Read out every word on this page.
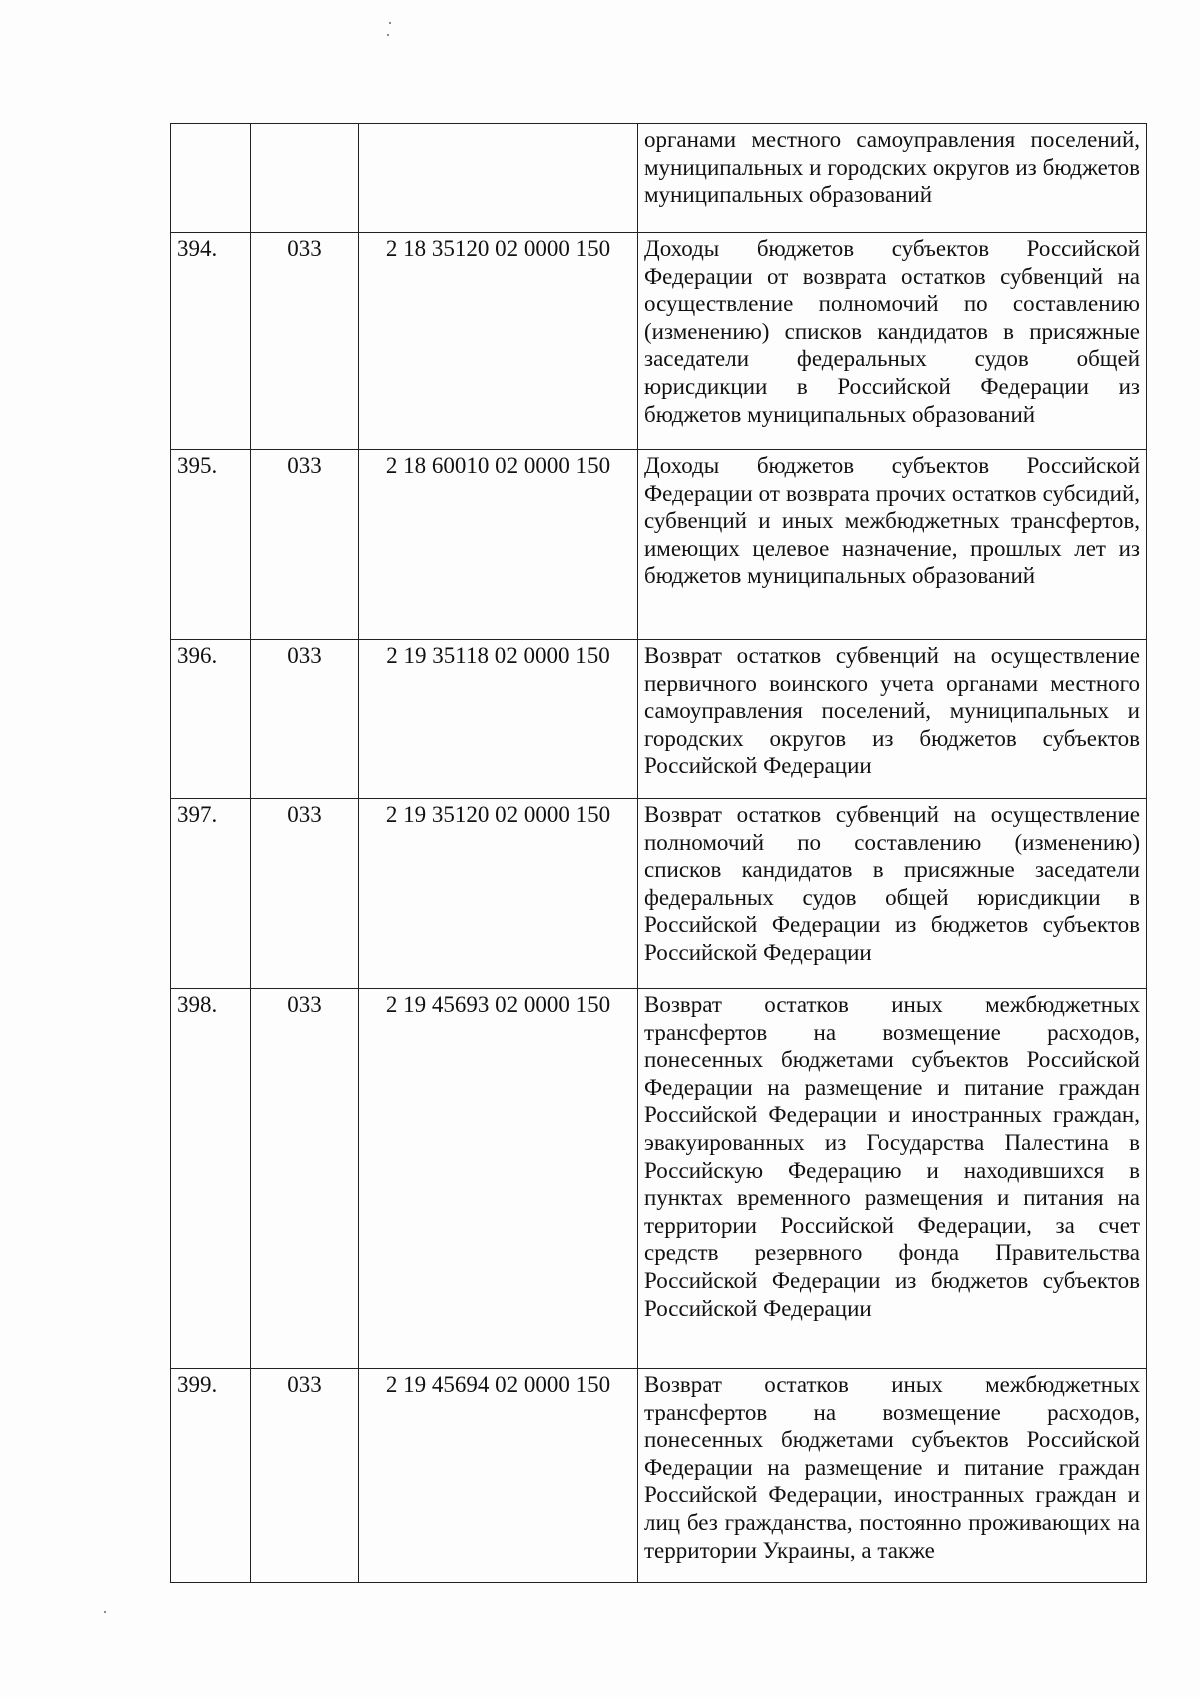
			органами местного самоуправления поселений, муниципальных и городских округов из бюджетов муниципальных образований
394.	033	2 18 35120 02 0000 150	Доходы бюджетов субъектов Российской Федерации от возврата остатков субвенций на осуществление полномочий по составлению (изменению) списков кандидатов в присяжные заседатели федеральных судов общей юрисдикции в Российской Федерации из бюджетов муниципальных образований
395.	033	2 18 60010 02 0000 150	Доходы бюджетов субъектов Российской Федерации от возврата прочих остатков субсидий, субвенций и иных межбюджетных трансфертов, имеющих целевое назначение, прошлых лет из бюджетов муниципальных образований
396.	033	2 19 35118 02 0000 150	Возврат остатков субвенций на осуществление первичного воинского учета органами местного самоуправления поселений, муниципальных и городских округов из бюджетов субъектов Российской Федерации
397.	033	2 19 35120 02 0000 150	Возврат остатков субвенций на осуществление полномочий по составлению (изменению) списков кандидатов в присяжные заседатели федеральных судов общей юрисдикции в Российской Федерации из бюджетов субъектов Российской Федерации
398.	033	2 19 45693 02 0000 150	Возврат остатков иных межбюджетных трансфертов на возмещение расходов, понесенных бюджетами субъектов Российской Федерации на размещение и питание граждан Российской Федерации и иностранных граждан, эвакуированных из Государства Палестина в Российскую Федерацию и находившихся в пунктах временного размещения и питания на территории Российской Федерации, за счет средств резервного фонда Правительства Российской Федерации из бюджетов субъектов Российской Федерации
399.	033	2 19 45694 02 0000 150	Возврат остатков иных межбюджетных трансфертов на возмещение расходов, понесенных бюджетами субъектов Российской Федерации на размещение и питание граждан Российской Федерации, иностранных граждан и лиц без гражданства, постоянно проживающих на территории Украины, а также
